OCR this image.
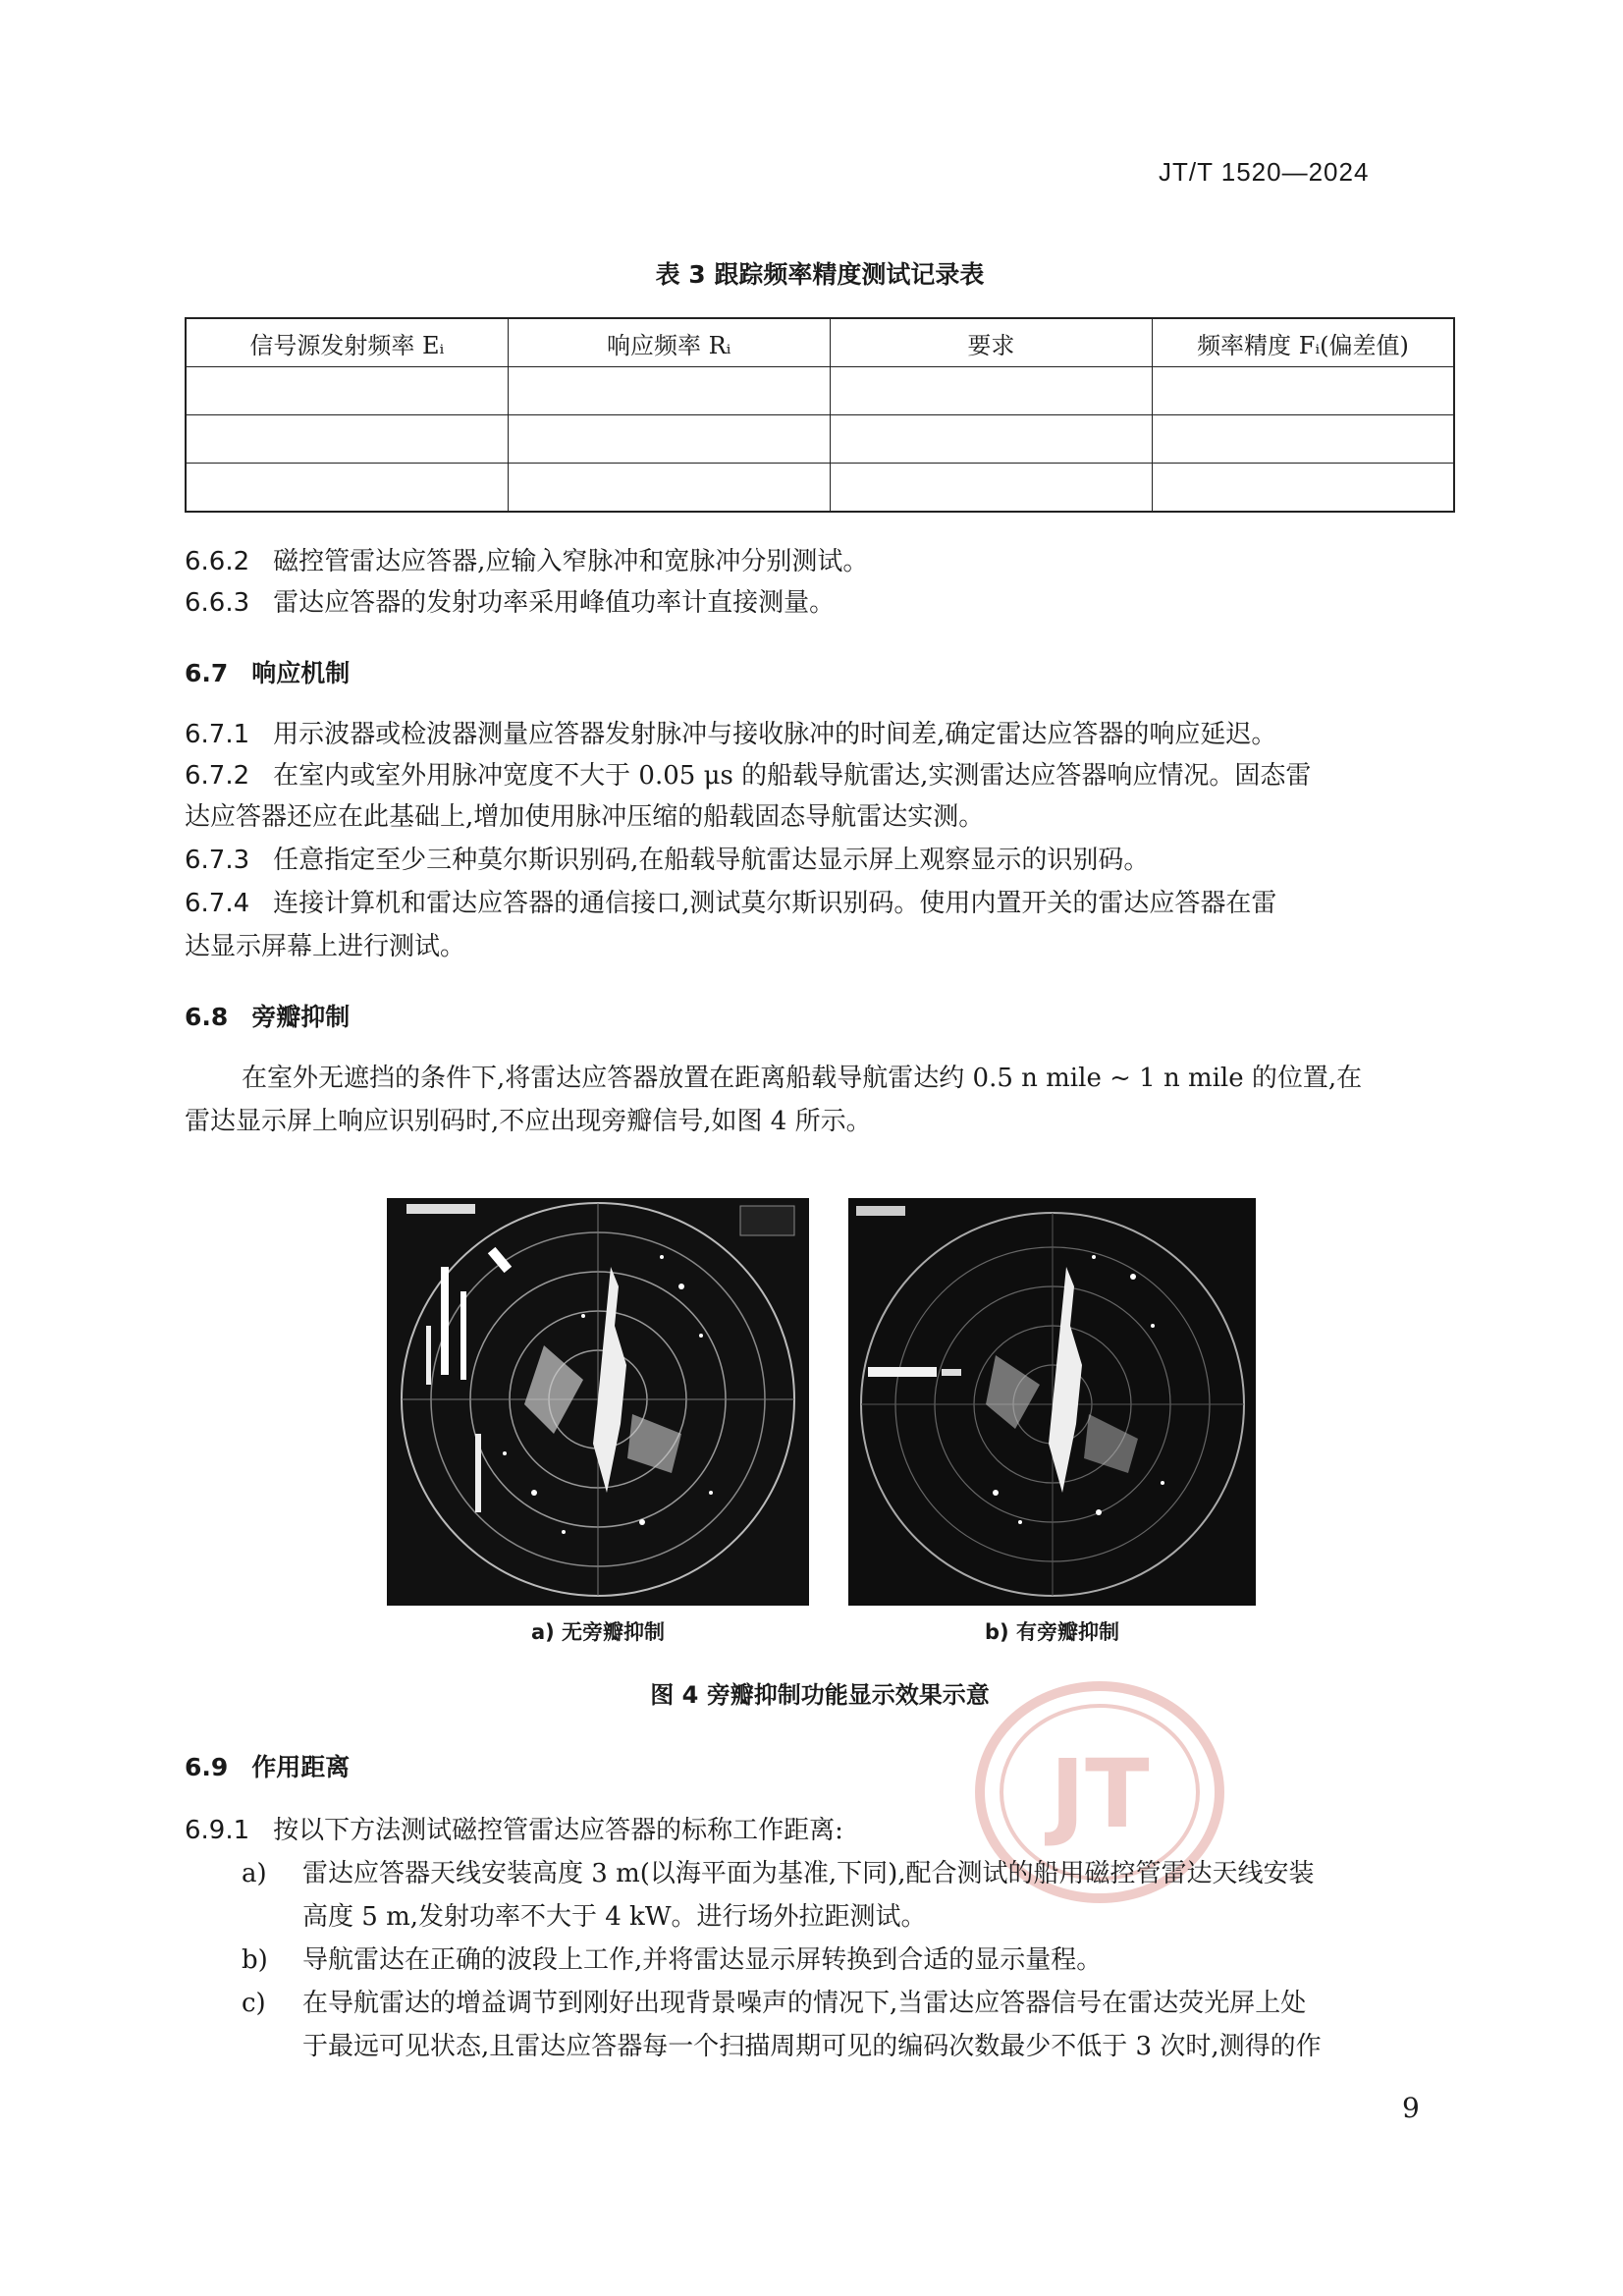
JT/T 1520—2024
表 3 跟踪频率精度测试记录表
信号源发射频率 Eᵢ	响应频率 Rᵢ	要求	频率精度 Fᵢ(偏差值)

6.6.2 磁控管雷达应答器,应输入窄脉冲和宽脉冲分别测试。
6.6.3 雷达应答器的发射功率采用峰值功率计直接测量。
6.7 响应机制
6.7.1 用示波器或检波器测量应答器发射脉冲与接收脉冲的时间差,确定雷达应答器的响应延迟。
6.7.2 在室内或室外用脉冲宽度不大于 0.05 μs 的船载导航雷达,实测雷达应答器响应情况。固态雷
达应答器还应在此基础上,增加使用脉冲压缩的船载固态导航雷达实测。
6.7.3 任意指定至少三种莫尔斯识别码,在船载导航雷达显示屏上观察显示的识别码。
6.7.4 连接计算机和雷达应答器的通信接口,测试莫尔斯识别码。使用内置开关的雷达应答器在雷
达显示屏幕上进行测试。
6.8 旁瓣抑制
在室外无遮挡的条件下,将雷达应答器放置在距离船载导航雷达约 0.5 n mile ~ 1 n mile 的位置,在
雷达显示屏上响应识别码时,不应出现旁瓣信号,如图 4 所示。
a) 无旁瓣抑制	b) 有旁瓣抑制
图 4 旁瓣抑制功能显示效果示意
JT
6.9 作用距离
6.9.1 按以下方法测试磁控管雷达应答器的标称工作距离:
a) 雷达应答器天线安装高度 3 m(以海平面为基准,下同),配合测试的船用磁控管雷达天线安装
高度 5 m,发射功率不大于 4 kW。进行场外拉距测试。
b) 导航雷达在正确的波段上工作,并将雷达显示屏转换到合适的显示量程。
c) 在导航雷达的增益调节到刚好出现背景噪声的情况下,当雷达应答器信号在雷达荧光屏上处
于最远可见状态,且雷达应答器每一个扫描周期可见的编码次数最少不低于 3 次时,测得的作
9
